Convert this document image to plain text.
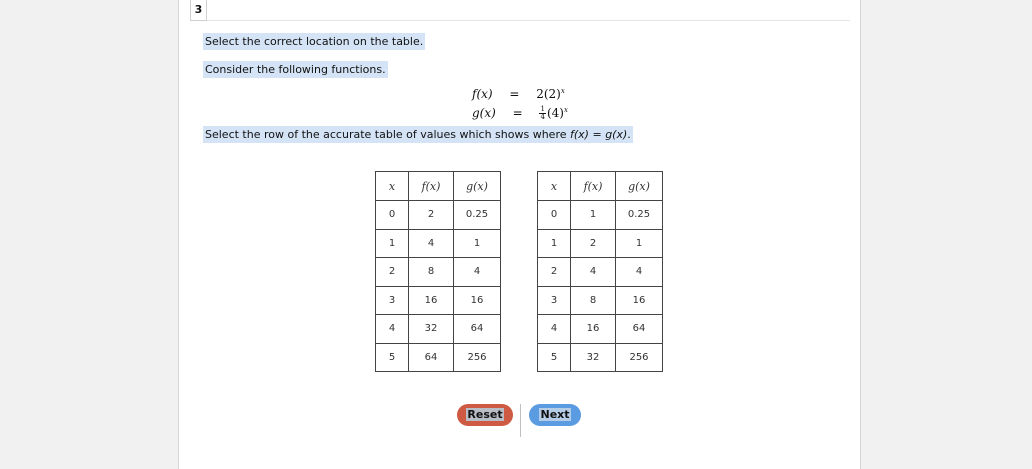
3
Select the correct location on the table.
Consider the following functions.
$f(x) = 2(2)^x$
$g(x) = \frac{1}{4} (4)^x$
Select the row of the accurate table of values which shows where f(x) = g(x).
x	f(x)	g(x)
0	2	0.25
1	4	1
2	8	4
3	16	16
4	32	64
5	64	256
x	f(x)	g(x)
0	1	0.25
1	2	1
2	4	4
3	8	16
4	16	64
5	32	256
Reset	Next
